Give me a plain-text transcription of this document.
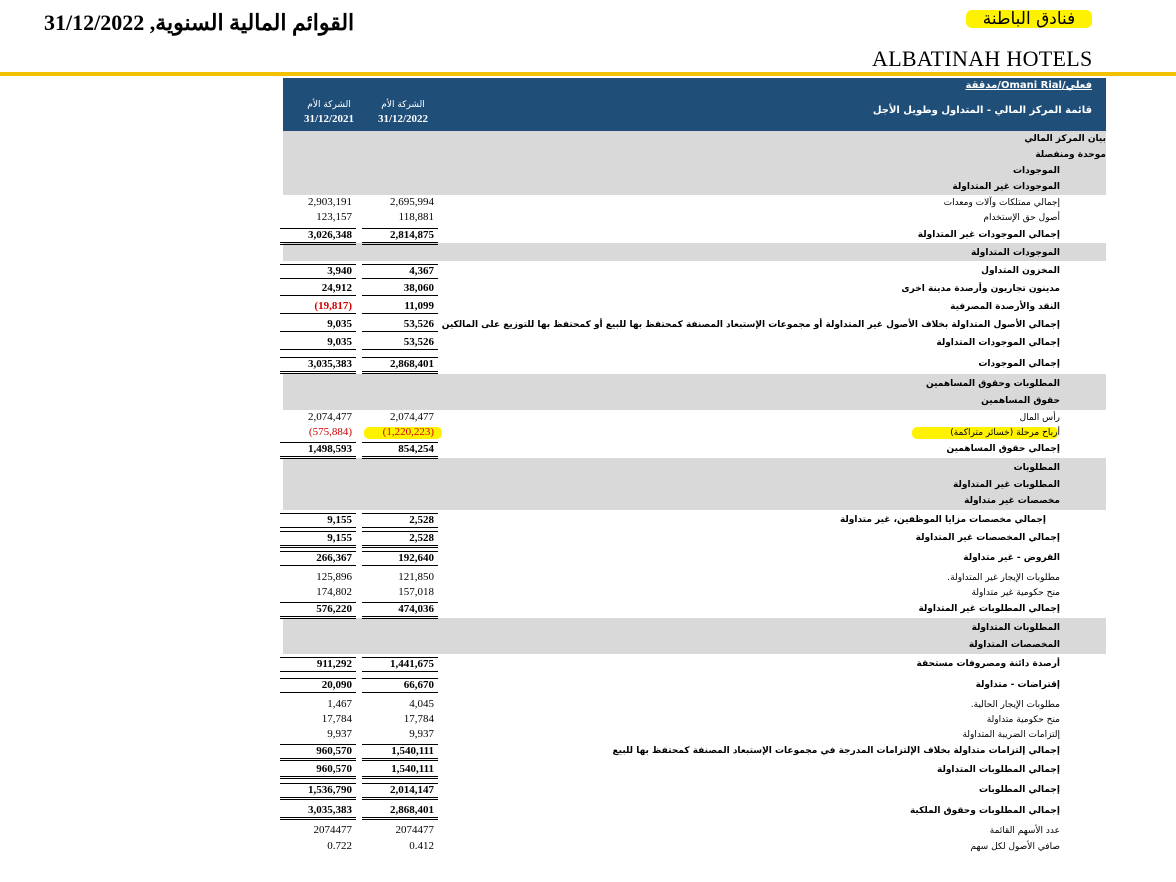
القوائم المالية السنوية, 31/12/2022	فنادق الباطنة
ALBATINAH HOTELS
فعلي/Omani Rial/مدققة
قائمة المركز المالي - المتداول وطويل الأجل
الشركة الأم
31/12/2022
الشركة الأم
31/12/2021
بيان المركز المالي
موحدة ومنفصلة
الموجودات
الموجودات غير المتداولة
إجمالي ممتلكات وآلات ومعدات
2,695,994
2,903,191
أصول حق الإستخدام
118,881
123,157
إجمالي الموجودات غير المتداولة
2,814,875
3,026,348
الموجودات المتداولة
المخزون المتداول
4,367
3,940
مدينون تجاريون وأرصدة مدينة اخرى
38,060
24,912
النقد والأرصدة المصرفية
11,099
(19,817)
إجمالي الأصول المتداولة بخلاف الأصول غير المتداولة أو مجموعات الإستبعاد المصنفة كمحتفظ بها للبيع أو كمحتفظ بها للتوزيع على المالكين
53,526
9,035
إجمالي الموجودات المتداولة
53,526
9,035
إجمالي الموجودات
2,868,401
3,035,383
المطلوبات وحقوق المساهمين
حقوق المساهمين
رأس المال
2,074,477
2,074,477
أرباح مرحلة (خسائر متراكمة)
(1,220,223)
(575,884)
إجمالي حقوق المساهمين
854,254
1,498,593
المطلوبات
المطلوبات غير المتداولة
مخصصات غير متداولة
إجمالي مخصصات مزايا الموظفين، غير متداولة
2,528
9,155
إجمالي المخصصات غير المتداولة
2,528
9,155
القروض - غير متداولة
192,640
266,367
مطلوبات الإيجار غير المتداولة.
121,850
125,896
منح حكومية غير متداولة
157,018
174,802
إجمالي المطلوبات غير المتداولة
474,036
576,220
المطلوبات المتداولة
المخصصات المتداولة
أرصدة دائنة ومصروفات مستحقة
1,441,675
911,292
إقتراضات - متداولة
66,670
20,090
مطلوبات الإيجار الحالية.
4,045
1,467
منح حكومية متداولة
17,784
17,784
إلتزامات الضريبة المتداولة
9,937
9,937
إجمالي إلتزامات متداولة بخلاف الإلتزامات المدرجة في مجموعات الإستبعاد المصنفة كمحتفظ بها للبيع
1,540,111
960,570
إجمالي المطلوبات المتداولة
1,540,111
960,570
إجمالي المطلوبات
2,014,147
1,536,790
إجمالي المطلوبات وحقوق الملكية
2,868,401
3,035,383
عدد الأسهم القائمة
2074477
2074477
صافي الأصول لكل سهم
0.412
0.722
